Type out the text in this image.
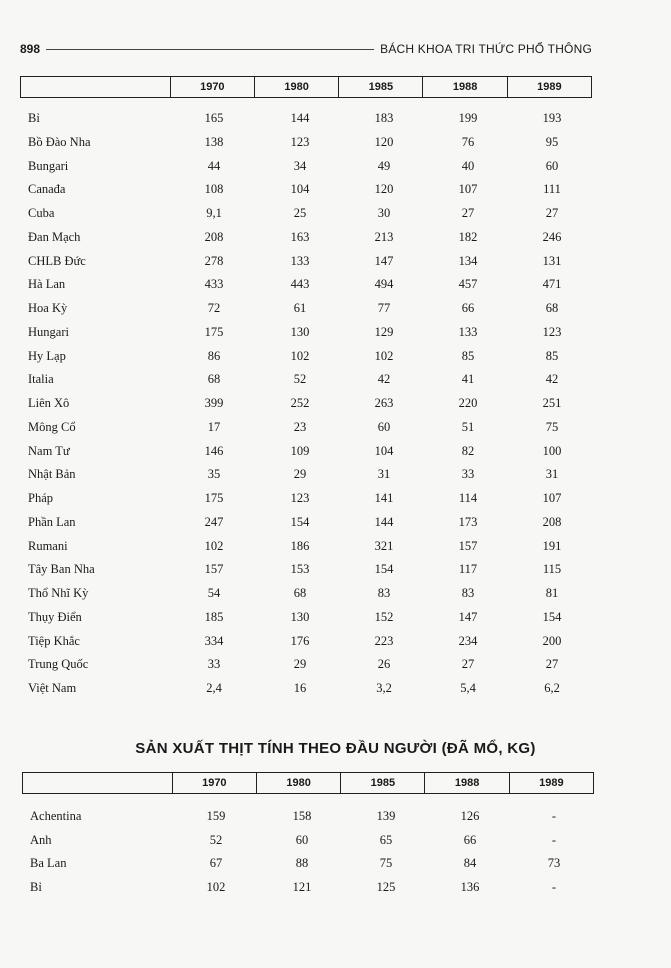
898	BÁCH KHOA TRI THỨC PHỔ THÔNG
1970	1980	1985	1988	1989
Bỉ	165	144	183	199	193
Bồ Đào Nha	138	123	120	76	95
Bungari	44	34	49	40	60
Canađa	108	104	120	107	111
Cuba	9,1	25	30	27	27
Đan Mạch	208	163	213	182	246
CHLB Đức	278	133	147	134	131
Hà Lan	433	443	494	457	471
Hoa Kỳ	72	61	77	66	68
Hungari	175	130	129	133	123
Hy Lạp	86	102	102	85	85
Italia	68	52	42	41	42
Liên Xô	399	252	263	220	251
Mông Cổ	17	23	60	51	75
Nam Tư	146	109	104	82	100
Nhật Bản	35	29	31	33	31
Pháp	175	123	141	114	107
Phần Lan	247	154	144	173	208
Rumani	102	186	321	157	191
Tây Ban Nha	157	153	154	117	115
Thổ Nhĩ Kỳ	54	68	83	83	81
Thụy Điển	185	130	152	147	154
Tiệp Khắc	334	176	223	234	200
Trung Quốc	33	29	26	27	27
Việt Nam	2,4	16	3,2	5,4	6,2
SẢN XUẤT THỊT TÍNH THEO ĐẦU NGƯỜI (ĐÃ MỔ, KG)
1970	1980	1985	1988	1989
Achentina	159	158	139	126	-
Anh	52	60	65	66	-
Ba Lan	67	88	75	84	73
Bỉ	102	121	125	136	-
